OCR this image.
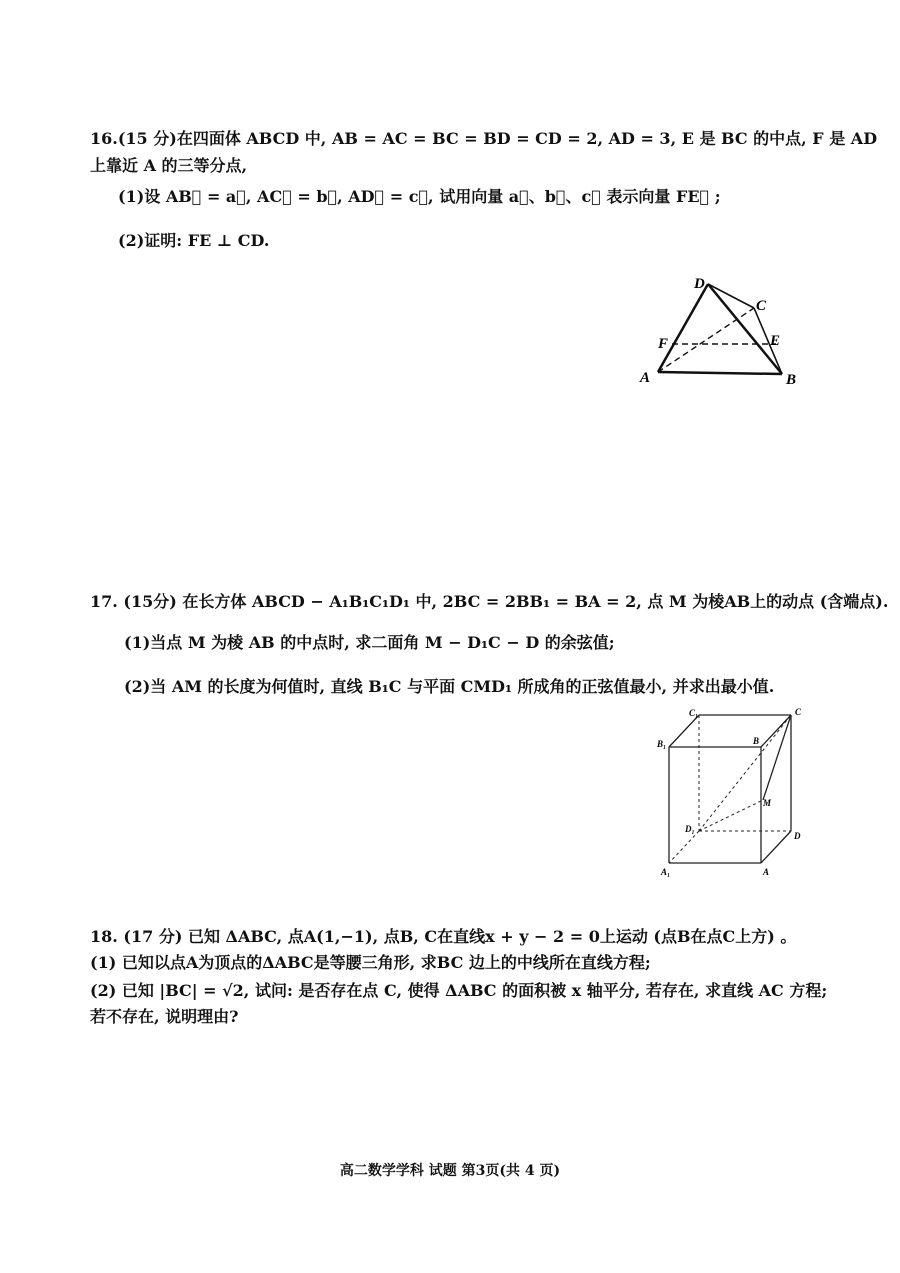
16.(15 分)在四面体 ABCD 中, AB = AC = BC = BD = CD = 2, AD = 3, E 是 BC 的中点, F 是 AD
上靠近 A 的三等分点,
(1)设 AB⃗ = a⃗, AC⃗ = b⃗, AD⃗ = c⃗, 试用向量 a⃗、b⃗、c⃗ 表示向量 FE⃗ ;
(2)证明: FE ⊥ CD.
D
C
F	E
A	B
17. (15分) 在长方体 ABCD − A₁B₁C₁D₁ 中, 2BC = 2BB₁ = BA = 2, 点 M 为棱AB上的动点 (含端点).
(1)当点 M 为棱 AB 的中点时, 求二面角 M − D₁C − D 的余弦值;
(2)当 AM 的长度为何值时, 直线 B₁C 与平面 CMD₁ 所成角的正弦值最小, 并求出最小值.
C₁	C
B₁	B
M
D₁
D
A₁	A
18. (17 分) 已知 ΔABC, 点A(1,−1), 点B, C在直线x + y − 2 = 0上运动 (点B在点C上方) 。
(1) 已知以点A为顶点的ΔABC是等腰三角形, 求BC 边上的中线所在直线方程;
(2) 已知 |BC| = √2, 试问: 是否存在点 C, 使得 ΔABC 的面积被 x 轴平分, 若存在, 求直线 AC 方程;
若不存在, 说明理由?
高二数学学科 试题 第3页(共 4 页)
